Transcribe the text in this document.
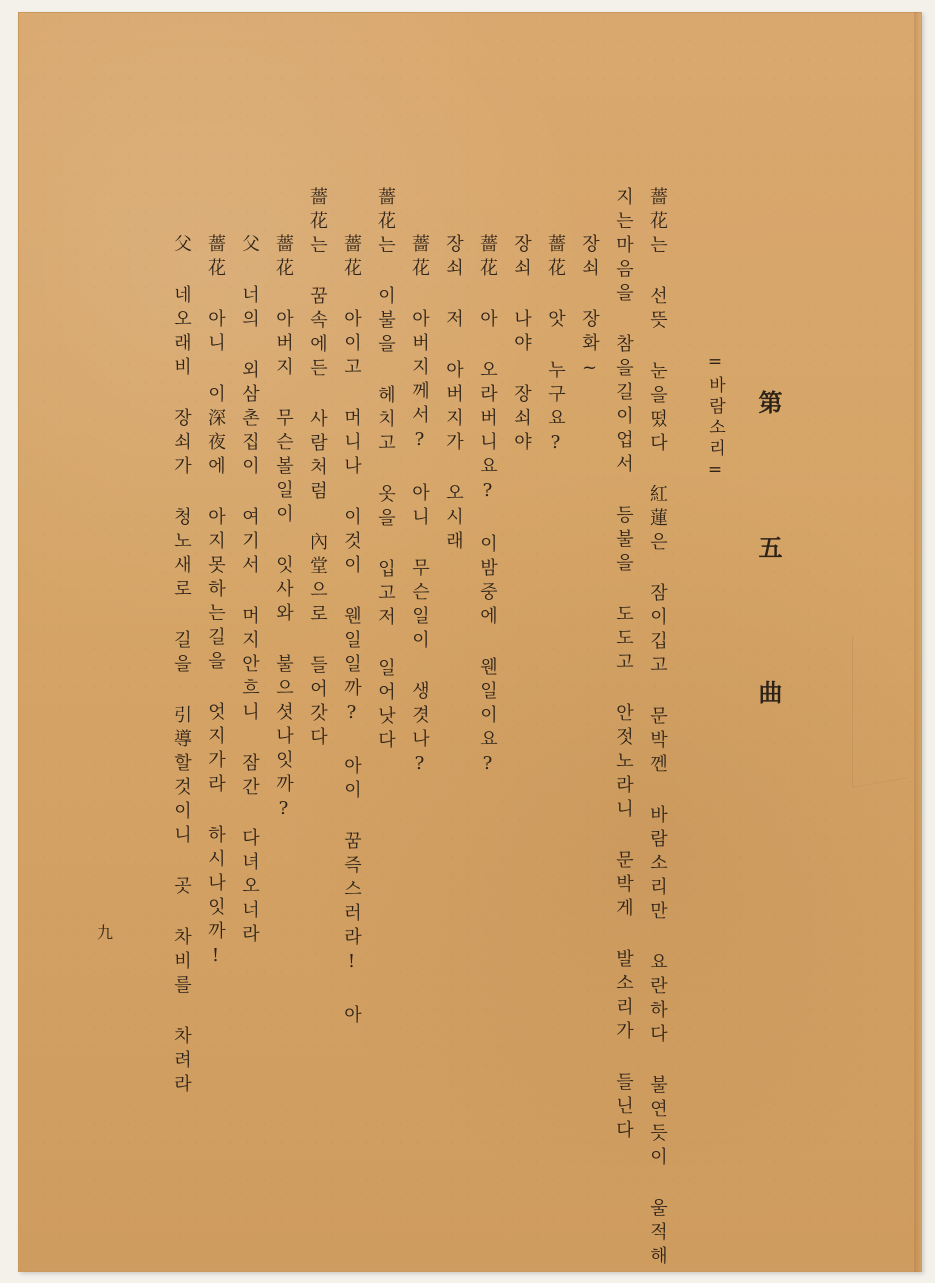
第 五 曲
=바람소리=
薔花는 선뜻 눈을떴다 紅蓮은 잠이깁고 문박껜 바람소리만 요란하다 불연듯이 울적해
지는마음을 참을길이업서 등불을 도도고 안젓노라니 문박게 발소리가 들닌다
장쇠 장화~
薔花 앗 누구요?
장쇠 나야 장쇠야
薔花 아 오라버니요? 이밤중에 웬일이요?
장쇠 저 아버지가 오시래
薔花 아버지께서? 아니 무슨일이 생겻나?
薔花는 이불을 헤치고 옷을 입고저 일어낫다
薔花 아이고 머니나 이것이 웬일일까? 아이 꿈즉스러라! 아
薔花는 꿈속에든 사람처럼 內堂으로 들어갓다
薔花 아버지 무슨볼일이 잇사와 불으셧나잇까?
父 너의 외삼촌집이 여기서 머지안흐니 잠간 다녀오너라
薔花 아니 이深夜에 아지못하는길을 엇지가라 하시나잇까!
父 네오래비 장쇠가 청노새로 길을 引導할것이니 곳 차비를 차려라
九
